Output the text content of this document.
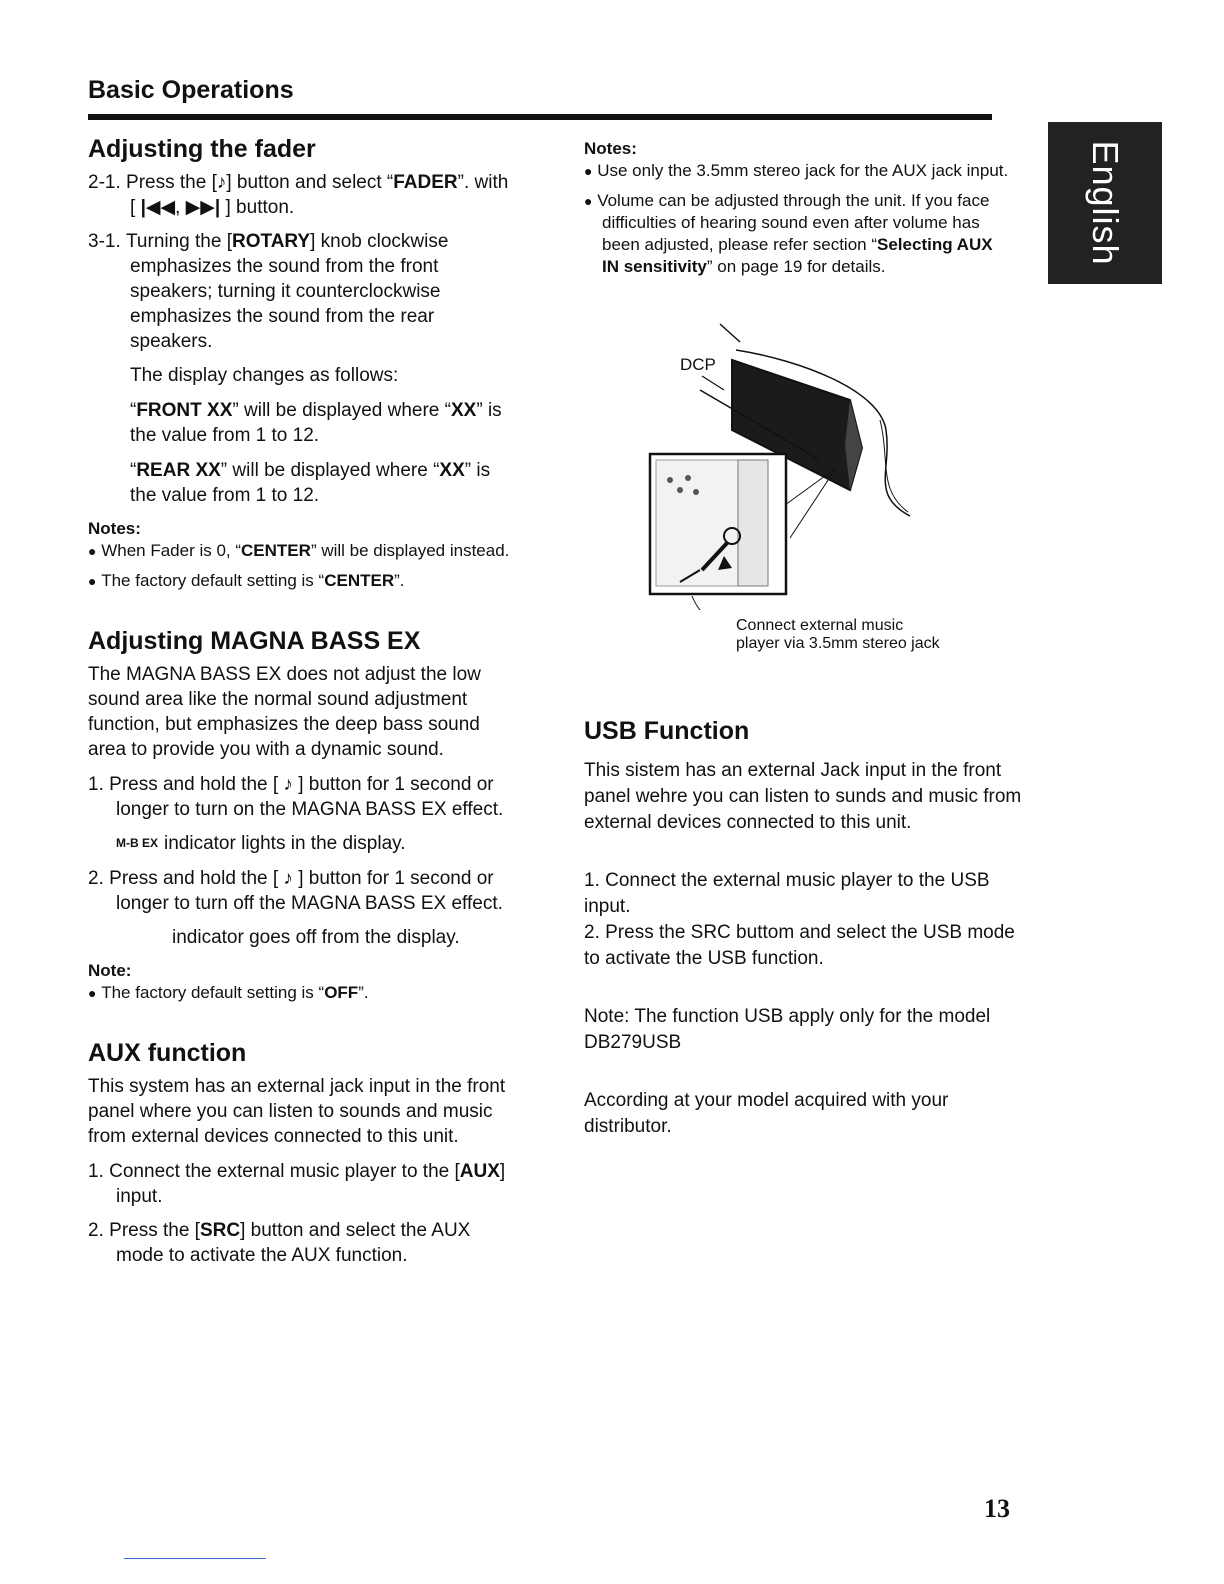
Basic Operations
English
Adjusting the fader

2-1. Press the [♪] button and select “FADER”. with [ |◀◀, ▶▶| ] button.

3-1. Turning the [ROTARY] knob clockwise emphasizes the sound from the front speakers; turning it counterclockwise emphasizes the sound from the rear speakers.

The display changes as follows:

“FRONT XX” will be displayed where “XX” is the value from 1 to 12.

“REAR XX” will be displayed where “XX” is the value from 1 to 12.

Notes:
● When Fader is 0, “CENTER” will be displayed instead.
● The factory default setting is “CENTER”.
Adjusting MAGNA BASS EX

The MAGNA BASS EX does not adjust the low sound area like the normal sound adjustment function, but emphasizes the deep bass sound area to provide you with a dynamic sound.

1. Press and hold the [ ♪ ] button for 1 second or longer to turn on the MAGNA BASS EX effect.

M-B EX indicator lights in the display.

2. Press and hold the [ ♪ ] button for 1 second or longer to turn off the MAGNA BASS EX effect.

indicator goes off from the display.

Note:
● The factory default setting is “OFF”.
AUX function

This system has an external jack input in the front panel where you can listen to sounds and music from external devices connected to this unit.

1. Connect the external music player to the [AUX] input.

2. Press the [SRC] button and select the AUX mode to activate the AUX function.

Notes:
● Use only the 3.5mm stereo jack for the AUX jack input.
● Volume can be adjusted through the unit. If you face difficulties of hearing sound even after volume has been adjusted, please refer section “Selecting AUX IN sensitivity” on page 19 for details.
DCP
Connect external music player via 3.5mm stereo jack
USB Function

This sistem has an external Jack input in the front panel wehre you can listen to sunds and music from external devices connected to this unit.

1. Connect the external music player to the USB input.

2. Press the SRC buttom and select the USB mode to activate the USB function.

Note: The function USB apply only for the model DB279USB

According at your model acquired with your distributor.

13
